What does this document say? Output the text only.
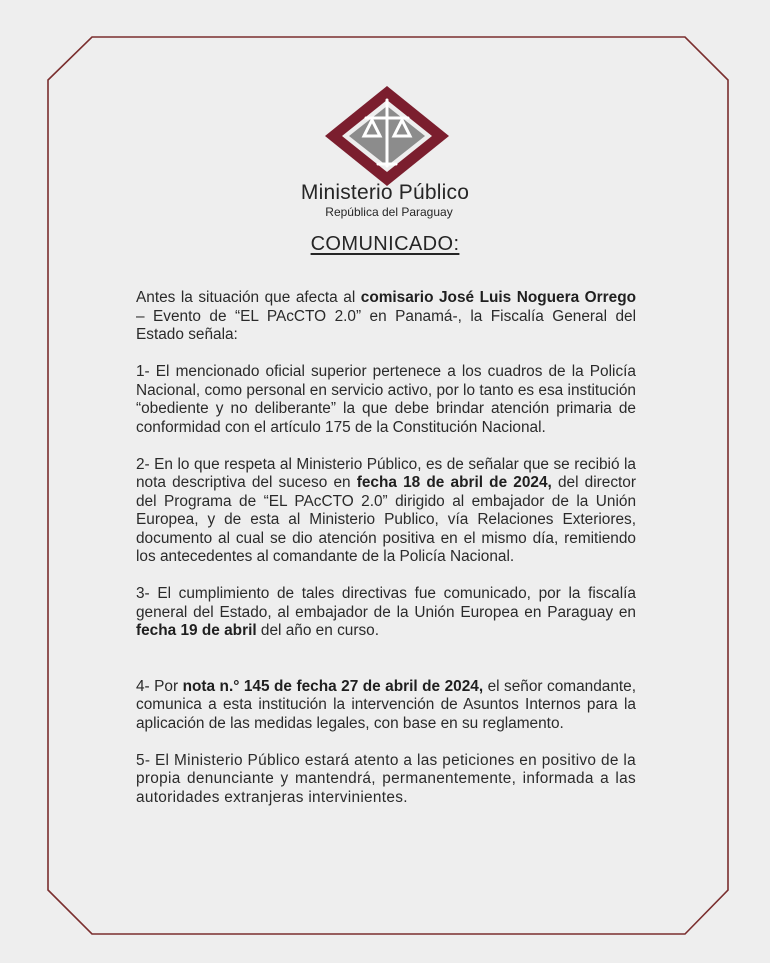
Ministerio Público
República del Paraguay
COMUNICADO:

Antes la situación que afecta al comisario José Luis Noguera Orrego – Evento de “EL PAcCTO 2.0” en Panamá-, la Fiscalía General del Estado señala:

1- El mencionado oficial superior pertenece a los cuadros de la Policía Nacional, como personal en servicio activo, por lo tanto es esa institución “obediente y no deliberante” la que debe brindar atención primaria de conformidad con el artículo 175 de la Constitución Nacional.

2- En lo que respeta al Ministerio Público, es de señalar que se recibió la nota descriptiva del suceso en fecha 18 de abril de 2024, del director del Programa de “EL PAcCTO 2.0” dirigido al embajador de la Unión Europea, y de esta al Ministerio Publico, vía Relaciones Exteriores, documento al cual se dio atención positiva en el mismo día, remitiendo los antecedentes al comandante de la Policía Nacional.

3- El cumplimiento de tales directivas fue comunicado, por la fiscalía general del Estado, al embajador de la Unión Europea en Paraguay en fecha 19 de abril del año en curso.

4- Por nota n.° 145 de fecha 27 de abril de 2024, el señor comandante, comunica a esta institución la intervención de Asuntos Internos para la aplicación de las medidas legales, con base en su reglamento.

5- El Ministerio Público estará atento a las peticiones en positivo de la propia denunciante y mantendrá, permanentemente, informada a las autoridades extranjeras intervinientes.
